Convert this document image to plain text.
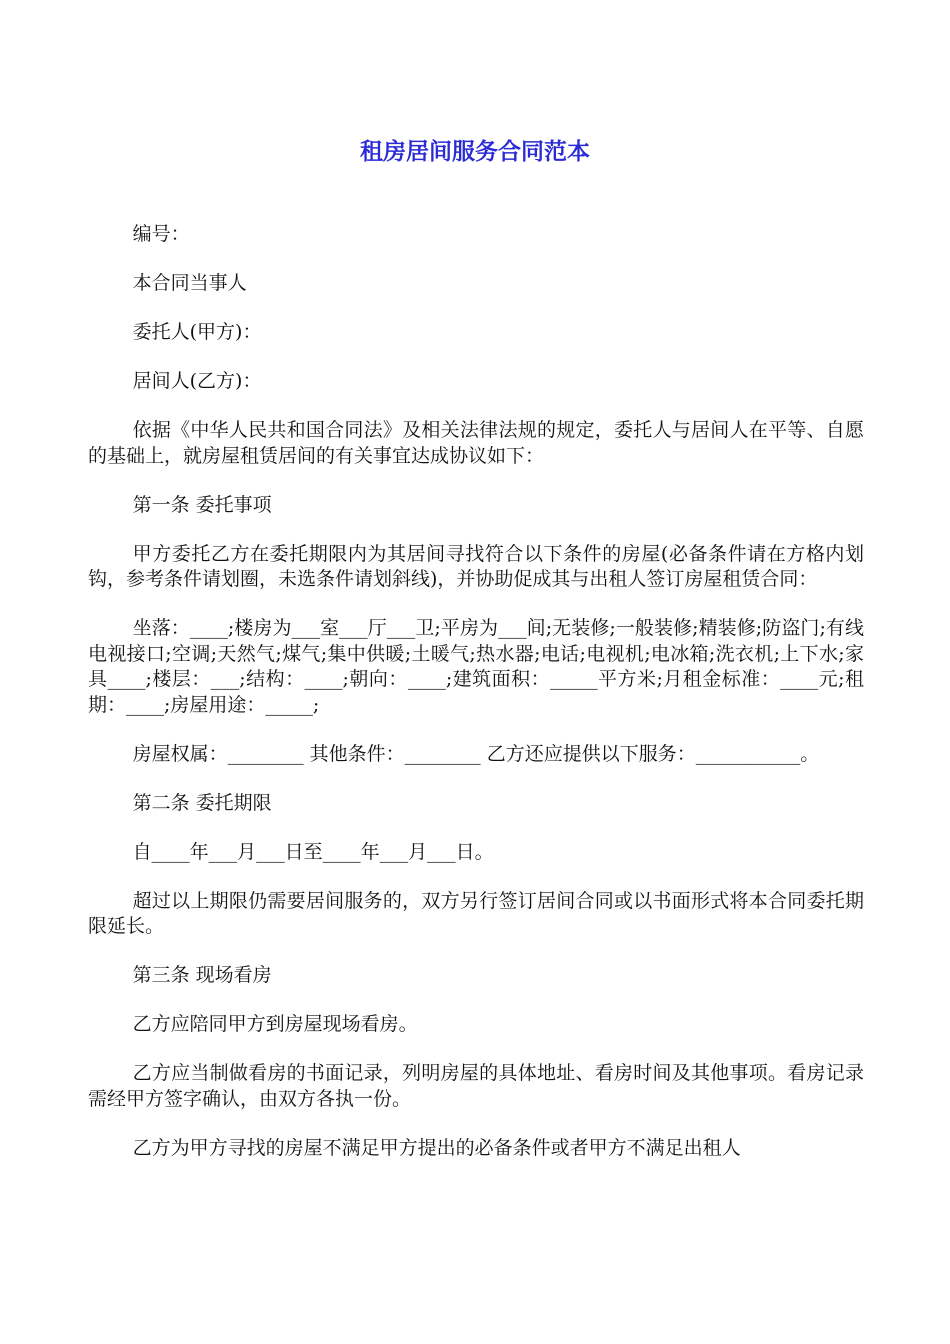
租房居间服务合同范本

编号：

本合同当事人

委托人(甲方)：

居间人(乙方)：

依据《中华人民共和国合同法》及相关法律法规的规定，委托人与居间人在平等、自愿的基础上，就房屋租赁居间的有关事宜达成协议如下：

第一条 委托事项

甲方委托乙方在委托期限内为其居间寻找符合以下条件的房屋(必备条件请在方格内划钩，参考条件请划圈，未选条件请划斜线)，并协助促成其与出租人签订房屋租赁合同：

坐落：____;楼房为___室___厅___卫;平房为___间;无装修;一般装修;精装修;防盗门;有线电视接口;空调;天然气;煤气;集中供暖;土暖气;热水器;电话;电视机;电冰箱;洗衣机;上下水;家具____;楼层：___;结构：____;朝向：____;建筑面积：_____平方米;月租金标准：____元;租期：____;房屋用途：_____;

房屋权属：________ 其他条件：________ 乙方还应提供以下服务：___________。

第二条 委托期限

自____年___月___日至____年___月___日。

超过以上期限仍需要居间服务的，双方另行签订居间合同或以书面形式将本合同委托期限延长。

第三条 现场看房

乙方应陪同甲方到房屋现场看房。

乙方应当制做看房的书面记录，列明房屋的具体地址、看房时间及其他事项。看房记录需经甲方签字确认，由双方各执一份。

乙方为甲方寻找的房屋不满足甲方提出的必备条件或者甲方不满足出租人
